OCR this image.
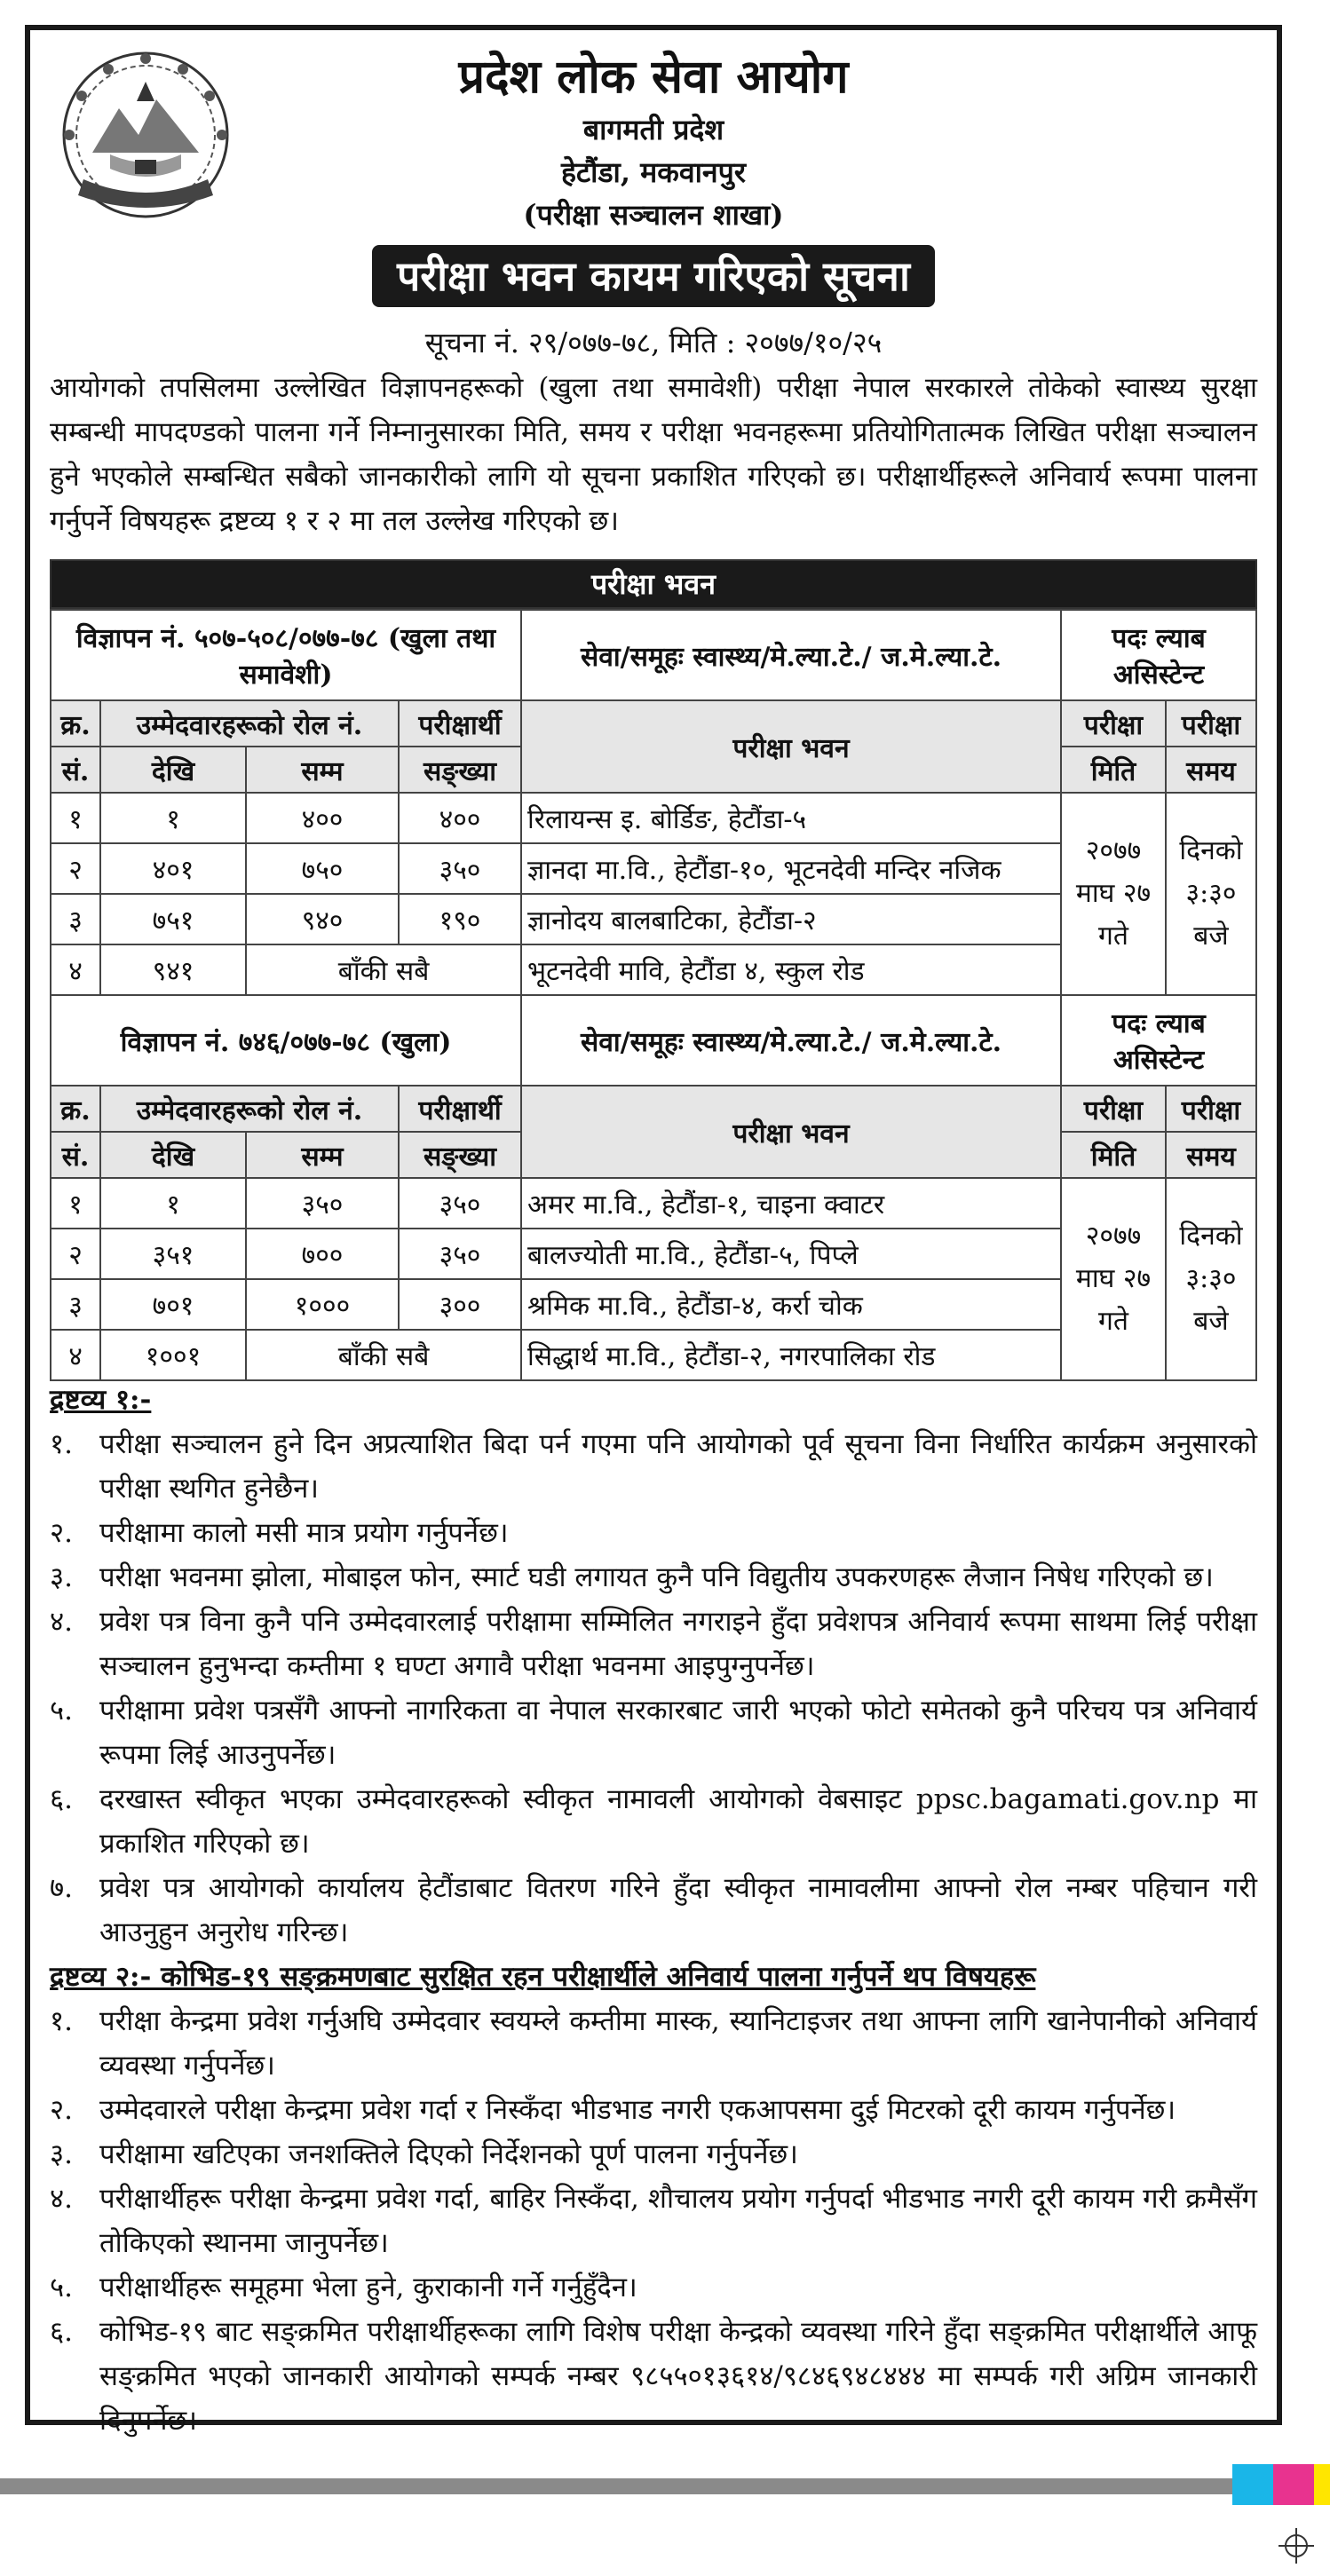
प्रदेश लोक सेवा आयोग
बागमती प्रदेश
हेटौंडा, मकवानपुर
(परीक्षा सञ्चालन शाखा)
परीक्षा भवन कायम गरिएको सूचना
सूचना नं. २९/०७७-७८, मिति : २०७७/१०/२५
आयोगको तपसिलमा उल्लेखित विज्ञापनहरूको (खुला तथा समावेशी) परीक्षा नेपाल सरकारले तोकेको स्वास्थ्य सुरक्षा सम्बन्धी मापदण्डको पालना गर्ने निम्नानुसारका मिति, समय र परीक्षा भवनहरूमा प्रतियोगितात्मक लिखित परीक्षा सञ्चालन हुने भएकोले सम्बन्धित सबैको जानकारीको लागि यो सूचना प्रकाशित गरिएको छ। परीक्षार्थीहरूले अनिवार्य रूपमा पालना गर्नुपर्ने विषयहरू द्रष्टव्य १ र २ मा तल उल्लेख गरिएको छ।
परीक्षा भवन
विज्ञापन नं. ५०७-५०८/०७७-७८ (खुला तथा समावेशी)				सेवा/समूहः स्वास्थ्य/मे.ल्या.टे./ ज.मे.ल्या.टे.	पदः ल्याब असिस्टेन्ट	
क्र.	उम्मेदवारहरूको रोल नं.		परीक्षार्थी	परीक्षा भवन	परीक्षा	परीक्षा
सं.	देखि	सम्म	सङ्ख्या		मिति	समय
१	१	४००	४००	रिलायन्स इ. बोर्डिङ, हेटौंडा-५	२०७७ माघ २७ गते	दिनको ३:३० बजे
२	४०१	७५०	३५०	ज्ञानदा मा.वि., हेटौंडा-१०, भूटनदेवी मन्दिर नजिक		
३	७५१	९४०	१९०	ज्ञानोदय बालबाटिका, हेटौंडा-२		
४	९४१	बाँकी सबै		भूटनदेवी मावि, हेटौंडा ४, स्कुल रोड		
विज्ञापन नं. ७४६/०७७-७८ (खुला)				सेवा/समूहः स्वास्थ्य/मे.ल्या.टे./ ज.मे.ल्या.टे.	पदः ल्याब असिस्टेन्ट	
क्र.	उम्मेदवारहरूको रोल नं.		परीक्षार्थी	परीक्षा भवन	परीक्षा	परीक्षा
सं.	देखि	सम्म	सङ्ख्या		मिति	समय
१	१	३५०	३५०	अमर मा.वि., हेटौंडा-१, चाइना क्वाटर	२०७७ माघ २७ गते	दिनको ३:३० बजे
२	३५१	७००	३५०	बालज्योती मा.वि., हेटौंडा-५, पिप्ले		
३	७०१	१०००	३००	श्रमिक मा.वि., हेटौंडा-४, कर्रा चोक		
४	१००१	बाँकी सबै		सिद्धार्थ मा.वि., हेटौंडा-२, नगरपालिका रोड		
द्रष्टव्य १:-
१. परीक्षा सञ्चालन हुने दिन अप्रत्याशित बिदा पर्न गएमा पनि आयोगको पूर्व सूचना विना निर्धारित कार्यक्रम अनुसारको परीक्षा स्थगित हुनेछैन।
२. परीक्षामा कालो मसी मात्र प्रयोग गर्नुपर्नेछ।
३. परीक्षा भवनमा झोला, मोबाइल फोन, स्मार्ट घडी लगायत कुनै पनि विद्युतीय उपकरणहरू लैजान निषेध गरिएको छ।
४. प्रवेश पत्र विना कुनै पनि उम्मेदवारलाई परीक्षामा सम्मिलित नगराइने हुँदा प्रवेशपत्र अनिवार्य रूपमा साथमा लिई परीक्षा सञ्चालन हुनुभन्दा कम्तीमा १ घण्टा अगावै परीक्षा भवनमा आइपुग्नुपर्नेछ।
५. परीक्षामा प्रवेश पत्रसँगै आफ्नो नागरिकता वा नेपाल सरकारबाट जारी भएको फोटो समेतको कुनै परिचय पत्र अनिवार्य रूपमा लिई आउनुपर्नेछ।
६. दरखास्त स्वीकृत भएका उम्मेदवारहरूको स्वीकृत नामावली आयोगको वेबसाइट ppsc.bagamati.gov.np मा प्रकाशित गरिएको छ।
७. प्रवेश पत्र आयोगको कार्यालय हेटौंडाबाट वितरण गरिने हुँदा स्वीकृत नामावलीमा आफ्नो रोल नम्बर पहिचान गरी आउनुहुन अनुरोध गरिन्छ।
द्रष्टव्य २:- कोभिड-१९ सङ्क्रमणबाट सुरक्षित रहन परीक्षार्थीले अनिवार्य पालना गर्नुपर्ने थप विषयहरू
१. परीक्षा केन्द्रमा प्रवेश गर्नुअघि उम्मेदवार स्वयम्ले कम्तीमा मास्क, स्यानिटाइजर तथा आफ्ना लागि खानेपानीको अनिवार्य व्यवस्था गर्नुपर्नेछ।
२. उम्मेदवारले परीक्षा केन्द्रमा प्रवेश गर्दा र निस्कँदा भीडभाड नगरी एकआपसमा दुई मिटरको दूरी कायम गर्नुपर्नेछ।
३. परीक्षामा खटिएका जनशक्तिले दिएको निर्देशनको पूर्ण पालना गर्नुपर्नेछ।
४. परीक्षार्थीहरू परीक्षा केन्द्रमा प्रवेश गर्दा, बाहिर निस्कँदा, शौचालय प्रयोग गर्नुपर्दा भीडभाड नगरी दूरी कायम गरी क्रमैसँग तोकिएको स्थानमा जानुपर्नेछ।
५. परीक्षार्थीहरू समूहमा भेला हुने, कुराकानी गर्ने गर्नुहुँदैन।
६. कोभिड-१९ बाट सङ्क्रमित परीक्षार्थीहरूका लागि विशेष परीक्षा केन्द्रको व्यवस्था गरिने हुँदा सङ्क्रमित परीक्षार्थीले आफू सङ्क्रमित भएको जानकारी आयोगको सम्पर्क नम्बर ९८५५०१३६१४/९८४६९४८४४४ मा सम्पर्क गरी अग्रिम जानकारी दिनुपर्नेछ।
